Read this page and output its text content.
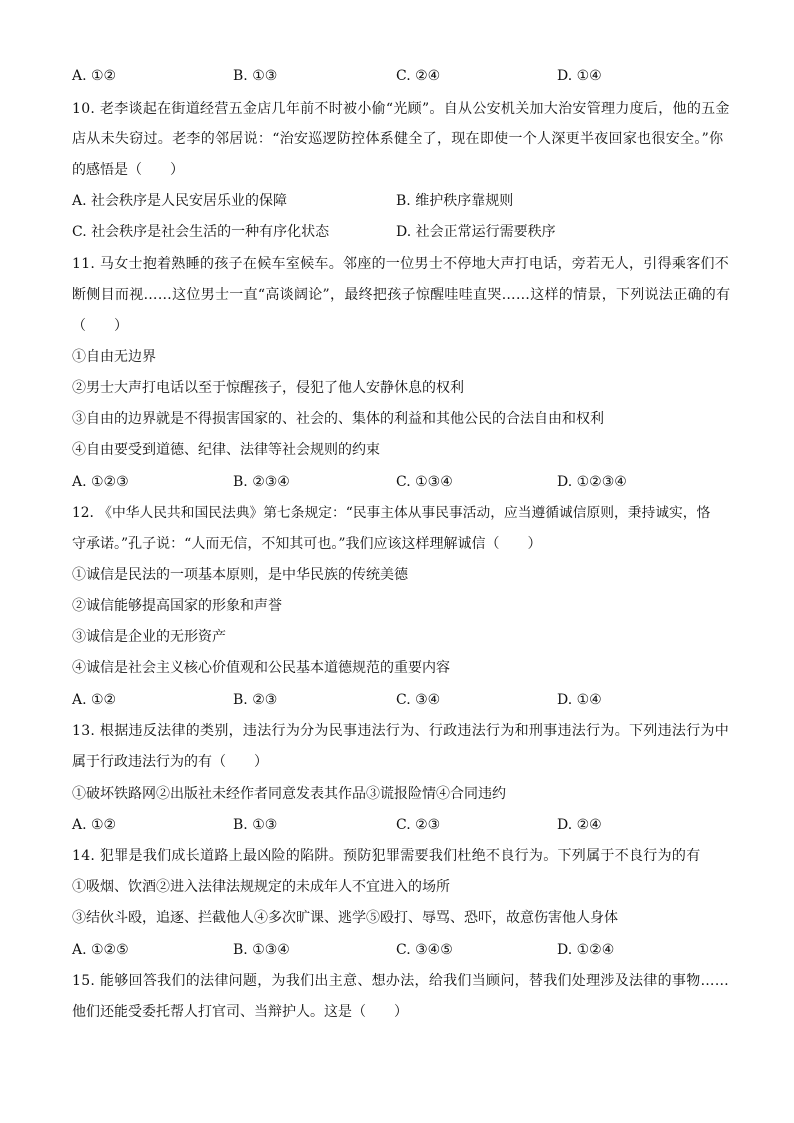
A. ①②	B. ①③	C. ②④	D. ①④
10. 老李谈起在街道经营五金店几年前不时被小偷“光顾”。自从公安机关加大治安管理力度后，他的五金
店从未失窃过。老李的邻居说：“治安巡逻防控体系健全了，现在即使一个人深更半夜回家也很安全。”你
的感悟是（　　）
A. 社会秩序是人民安居乐业的保障	B. 维护秩序靠规则
C. 社会秩序是社会生活的一种有序化状态	D. 社会正常运行需要秩序
11. 马女士抱着熟睡的孩子在候车室候车。邻座的一位男士不停地大声打电话，旁若无人，引得乘客们不
断侧目而视……这位男士一直“高谈阔论”，最终把孩子惊醒哇哇直哭……这样的情景，下列说法正确的有
（　　）
①自由无边界
②男士大声打电话以至于惊醒孩子，侵犯了他人安静休息的权利
③自由的边界就是不得损害国家的、社会的、集体的利益和其他公民的合法自由和权利
④自由要受到道德、纪律、法律等社会规则的约束
A. ①②③	B. ②③④	C. ①③④	D. ①②③④
12. 《中华人民共和国民法典》第七条规定：“民事主体从事民事活动，应当遵循诚信原则，秉持诚实，恪
守承诺。”孔子说：“人而无信，不知其可也。”我们应该这样理解诚信（　　）
①诚信是民法的一项基本原则，是中华民族的传统美德
②诚信能够提高国家的形象和声誉
③诚信是企业的无形资产
④诚信是社会主义核心价值观和公民基本道德规范的重要内容
A. ①②	B. ②③	C. ③④	D. ①④
13. 根据违反法律的类别，违法行为分为民事违法行为、行政违法行为和刑事违法行为。下列违法行为中
属于行政违法行为的有（　　）
①破坏铁路网②出版社未经作者同意发表其作品③谎报险情④合同违约
A. ①②	B. ①③	C. ②③	D. ②④
14. 犯罪是我们成长道路上最凶险的陷阱。预防犯罪需要我们杜绝不良行为。下列属于不良行为的有
①吸烟、饮酒②进入法律法规规定的未成年人不宜进入的场所
③结伙斗殴，追逐、拦截他人④多次旷课、逃学⑤殴打、辱骂、恐吓，故意伤害他人身体
A. ①②⑤	B. ①③④	C. ③④⑤	D. ①②④
15. 能够回答我们的法律问题，为我们出主意、想办法，给我们当顾问，替我们处理涉及法律的事物……
他们还能受委托帮人打官司、当辩护人。这是（　　）
